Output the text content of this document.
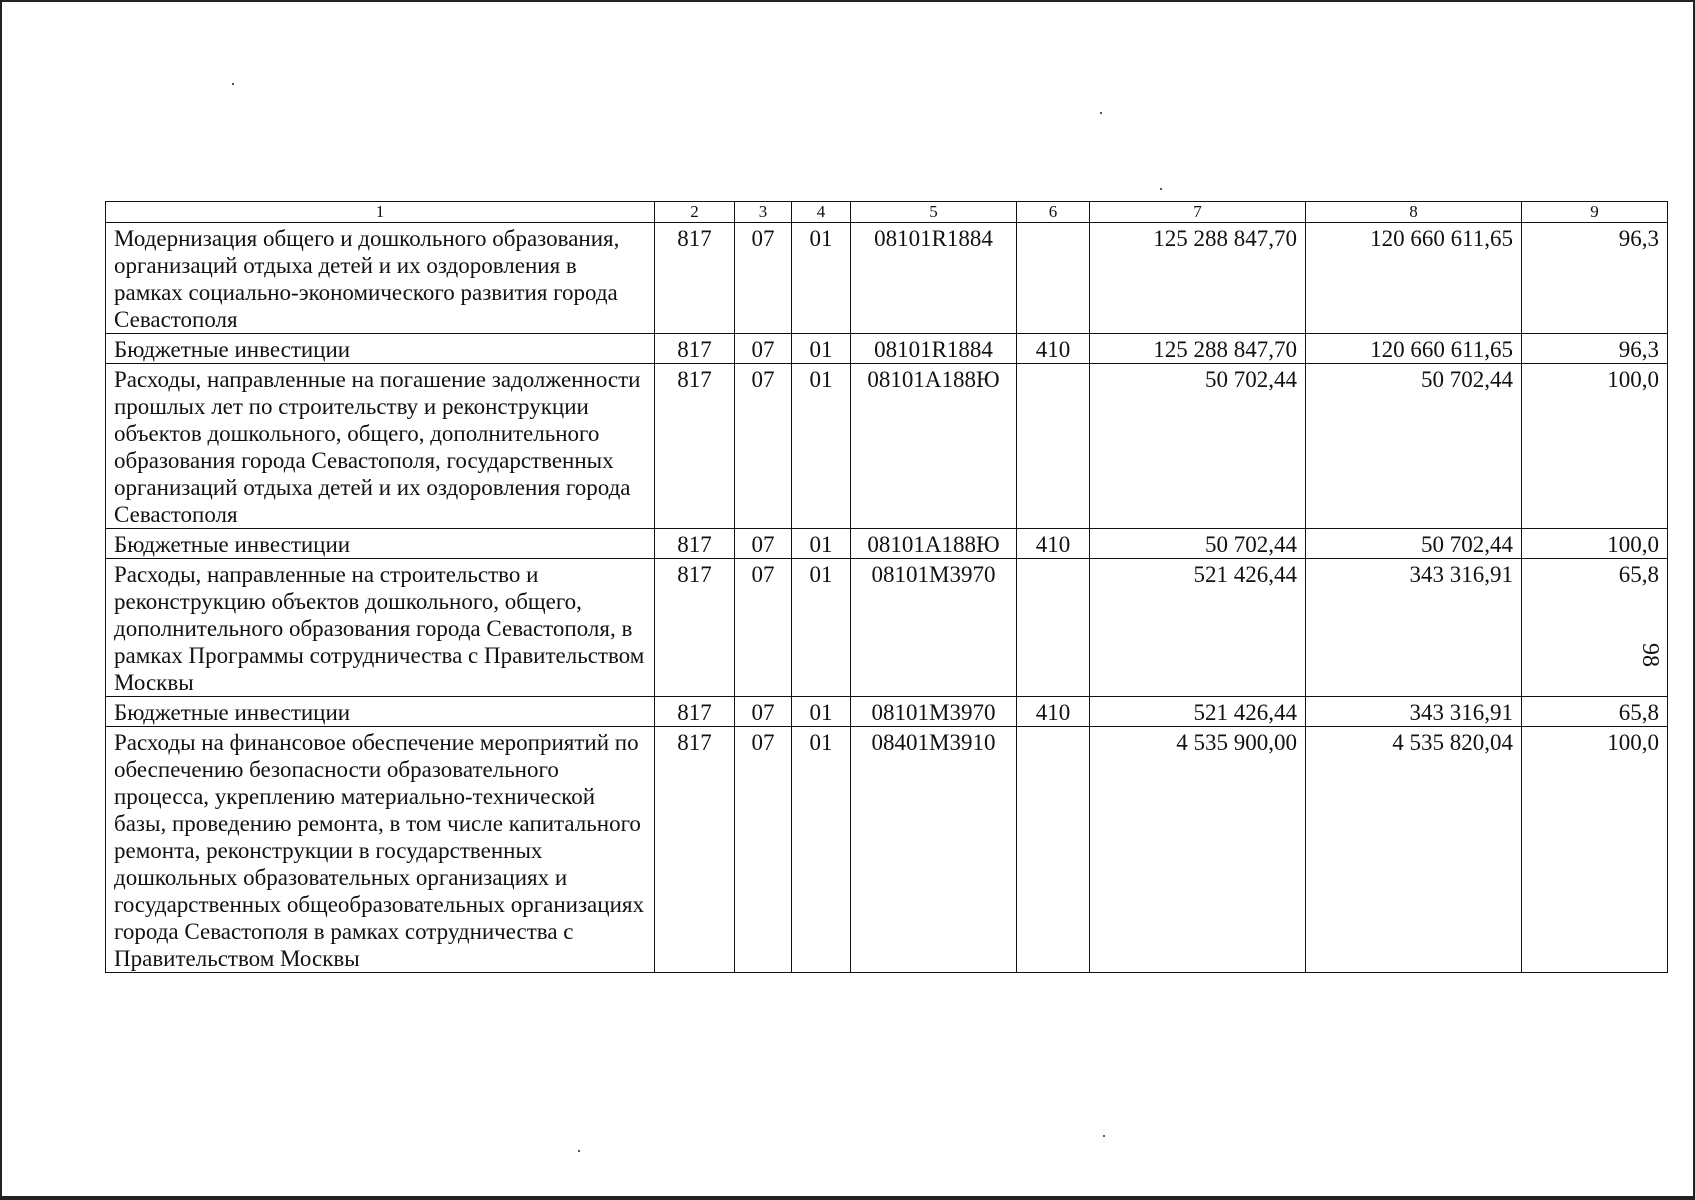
1	2	3	4	5	6	7	8	9
Модернизация общего и дошкольного образования, организаций отдыха детей и их оздоровления в рамках социально-экономического развития города Севастополя	817	07	01	08101R1884		125 288 847,70	120 660 611,65	96,3
Бюджетные инвестиции	817	07	01	08101R1884	410	125 288 847,70	120 660 611,65	96,3
Расходы, направленные на погашение задолженности прошлых лет по строительству и реконструкции объектов дошкольного, общего, дополнительного образования города Севастополя, государственных организаций отдыха детей и их оздоровления города Севастополя	817	07	01	08101A188Ю		50 702,44	50 702,44	100,0
Бюджетные инвестиции	817	07	01	08101A188Ю	410	50 702,44	50 702,44	100,0
Расходы, направленные на строительство и реконструкцию объектов дошкольного, общего, дополнительного образования города Севастополя, в рамках Программы сотрудничества с Правительством Москвы	817	07	01	08101M3970		521 426,44	343 316,91	65,8
Бюджетные инвестиции	817	07	01	08101M3970	410	521 426,44	343 316,91	65,8
Расходы на финансовое обеспечение мероприятий по обеспечению безопасности образовательного процесса, укреплению материально-технической базы, проведению ремонта, в том числе капитального ремонта, реконструкции в государственных дошкольных образовательных организациях и государственных общеобразовательных организациях города Севастополя в рамках сотрудничества с Правительством Москвы	817	07	01	08401M3910		4 535 900,00	4 535 820,04	100,0
98
